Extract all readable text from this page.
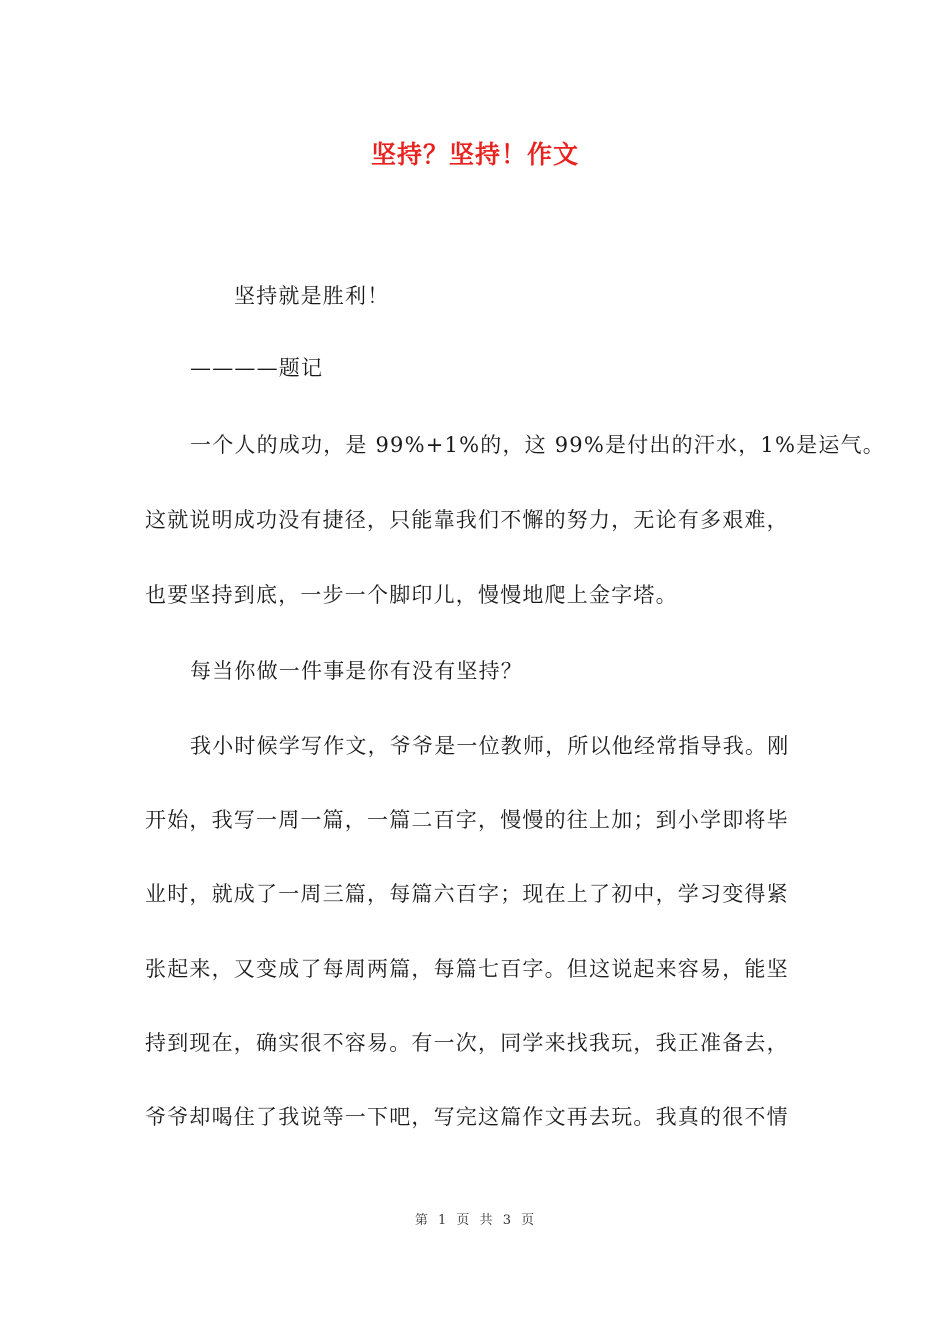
坚持？坚持！作文
坚持就是胜利！
————题记
一个人的成功，是 99%+1%的，这 99%是付出的汗水，1%是运气。
这就说明成功没有捷径，只能靠我们不懈的努力，无论有多艰难，
也要坚持到底，一步一个脚印儿，慢慢地爬上金字塔。
每当你做一件事是你有没有坚持？
我小时候学写作文，爷爷是一位教师，所以他经常指导我。刚
开始，我写一周一篇，一篇二百字，慢慢的往上加；到小学即将毕
业时，就成了一周三篇，每篇六百字；现在上了初中，学习变得紧
张起来，又变成了每周两篇，每篇七百字。但这说起来容易，能坚
持到现在，确实很不容易。有一次，同学来找我玩，我正准备去，
爷爷却喝住了我说等一下吧，写完这篇作文再去玩。我真的很不情
第 1 页 共 3 页
